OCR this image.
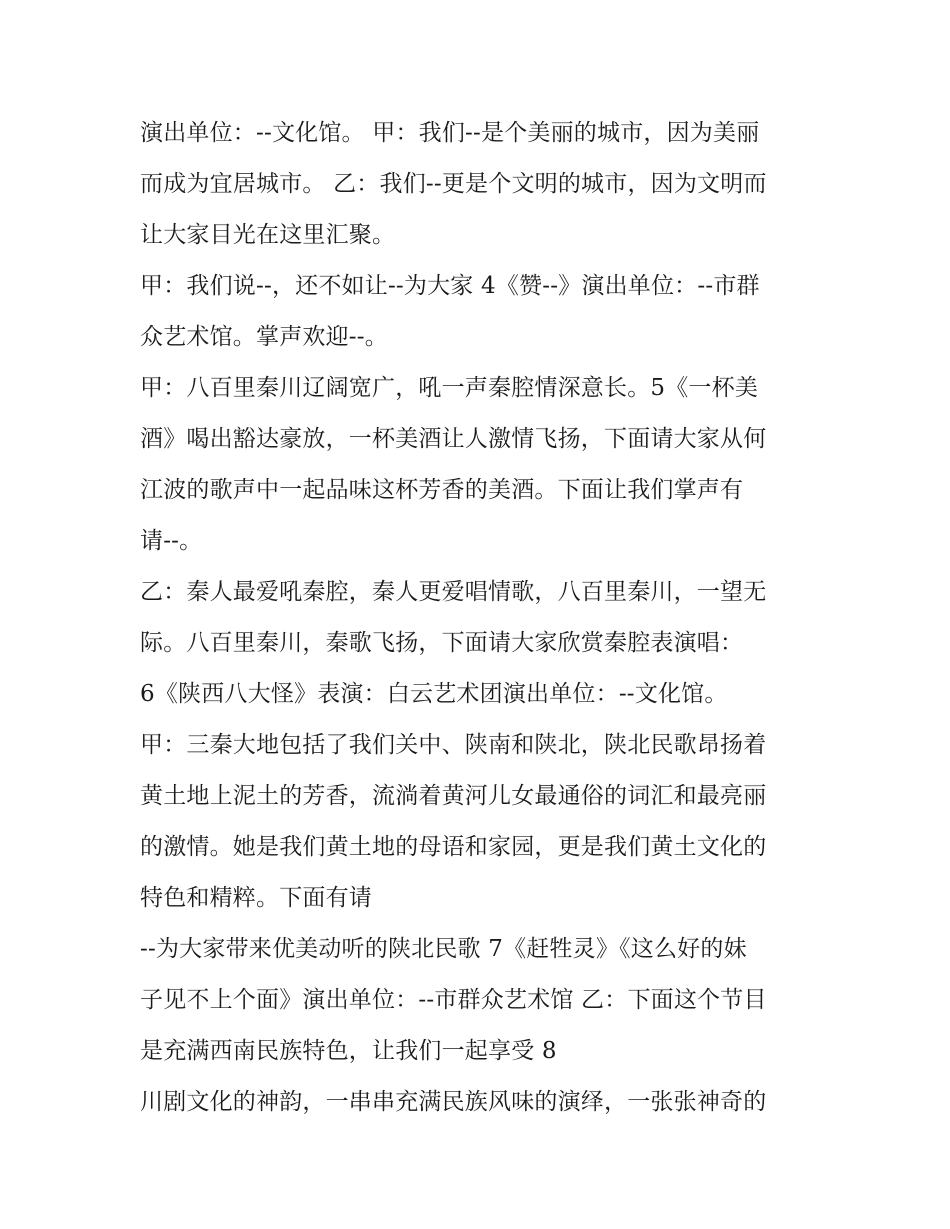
演出单位：--文化馆。 甲：我们--是个美丽的城市，因为美丽
而成为宜居城市。 乙：我们--更是个文明的城市，因为文明而
让大家目光在这里汇聚。
甲：我们说--，还不如让--为大家 4《赞--》演出单位：--市群
众艺术馆。掌声欢迎--。
甲：八百里秦川辽阔宽广，吼一声秦腔情深意长。5《一杯美
酒》喝出豁达豪放，一杯美酒让人激情飞扬，下面请大家从何
江波的歌声中一起品味这杯芳香的美酒。下面让我们掌声有
请--。
乙：秦人最爱吼秦腔，秦人更爱唱情歌，八百里秦川，一望无
际。八百里秦川，秦歌飞扬，下面请大家欣赏秦腔表演唱：
6《陕西八大怪》表演：白云艺术团演出单位：--文化馆。
甲：三秦大地包括了我们关中、陕南和陕北，陕北民歌昂扬着
黄土地上泥土的芳香，流淌着黄河儿女最通俗的词汇和最亮丽
的激情。她是我们黄土地的母语和家园，更是我们黄土文化的
特色和精粹。下面有请
--为大家带来优美动听的陕北民歌 7《赶牲灵》《这么好的妹
子见不上个面》演出单位：--市群众艺术馆 乙：下面这个节目
是充满西南民族特色，让我们一起享受 8
川剧文化的神韵，一串串充满民族风味的演绎，一张张神奇的
